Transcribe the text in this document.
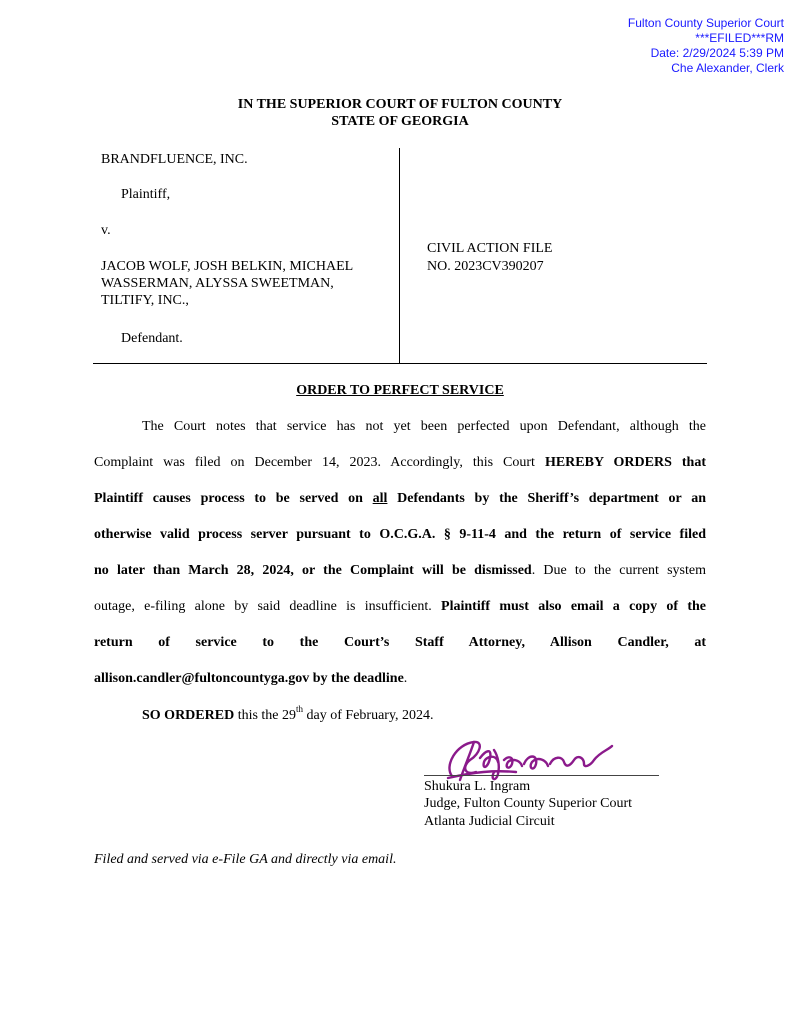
Fulton County Superior Court
***EFILED***RM
Date: 2/29/2024 5:39 PM
Che Alexander, Clerk
IN THE SUPERIOR COURT OF FULTON COUNTY
STATE OF GEORGIA
BRANDFLUENCE, INC.
Plaintiff,
v.
JACOB WOLF, JOSH BELKIN, MICHAEL
WASSERMAN, ALYSSA SWEETMAN,
TILTIFY, INC.,
Defendant.
CIVIL ACTION FILE
NO. 2023CV390207
ORDER TO PERFECT SERVICE
The Court notes that service has not yet been perfected upon Defendant, although the
Complaint was filed on December 14, 2023. Accordingly, this Court HEREBY ORDERS that
Plaintiff causes process to be served on all Defendants by the Sheriff’s department or an
otherwise valid process server pursuant to O.C.G.A. § 9-11-4 and the return of service filed
no later than March 28, 2024, or the Complaint will be dismissed. Due to the current system
outage, e-filing alone by said deadline is insufficient. Plaintiff must also email a copy of the
return of service to the Court’s Staff Attorney, Allison Candler, at
allison.candler@fultoncountyga.gov by the deadline.
SO ORDERED this the 29th day of February, 2024.
Shukura L. Ingram
Judge, Fulton County Superior Court
Atlanta Judicial Circuit
Filed and served via e-File GA and directly via email.
